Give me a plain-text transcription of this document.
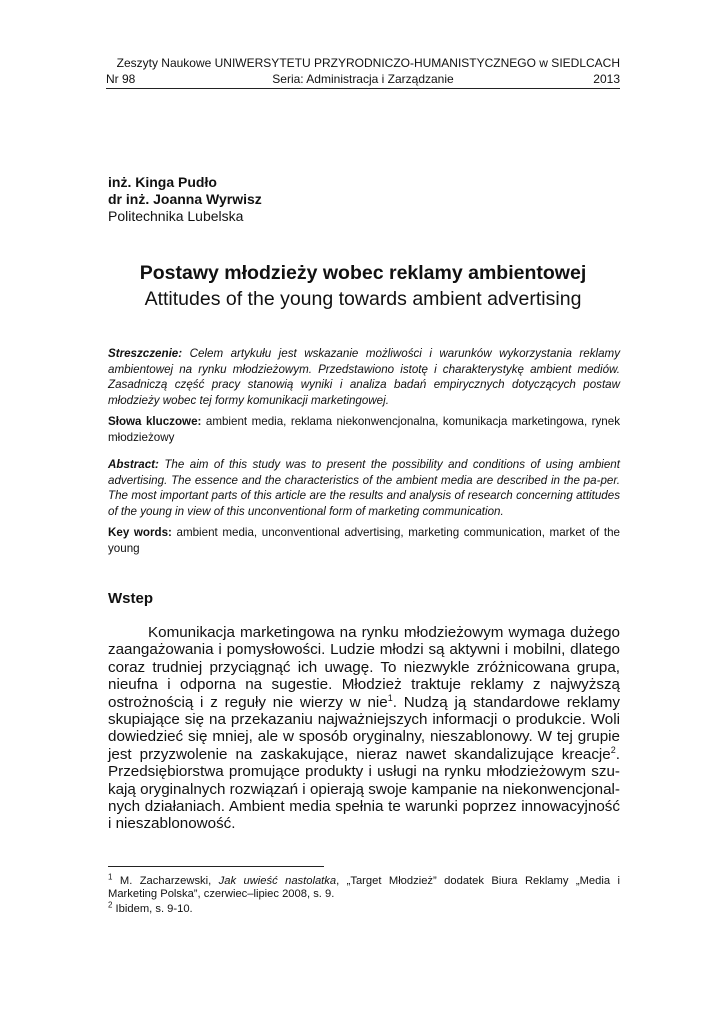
Zeszyty Naukowe UNIWERSYTETU PRZYRODNICZO-HUMANISTYCZNEGO w SIEDLCACH
Nr 98	Seria: Administracja i Zarządzanie	2013
inż. Kinga Pudło
dr inż. Joanna Wyrwisz
Politechnika Lubelska
Postawy młodzieży wobec reklamy ambientowej
Attitudes of the young towards ambient advertising
Streszczenie: Celem artykułu jest wskazanie możliwości i warunków wykorzystania reklamy ambientowej na rynku młodzieżowym. Przedstawiono istotę i charakterystykę ambient mediów. Zasadniczą część pracy stanowią wyniki i analiza badań empirycznych dotyczących postaw młodzieży wobec tej formy komunikacji marketingowej.
Słowa kluczowe: ambient media, reklama niekonwencjonalna, komunikacja marketingowa, rynek młodzieżowy
Abstract: The aim of this study was to present the possibility and conditions of using ambient advertising. The essence and the characteristics of the ambient media are described in the pa-per. The most important parts of this article are the results and analysis of research concerning attitudes of the young in view of this unconventional form of marketing communication.
Key words: ambient media, unconventional advertising, marketing communication, market of the young
Wstep
Komunikacja marketingowa na rynku młodzieżowym wymaga dużego zaangażowania i pomysłowości. Ludzie młodzi są aktywni i mobilni, dlatego coraz trudniej przyciągnąć ich uwagę. To niezwykle zróżnicowana grupa, nieufna i odporna na sugestie. Młodzież traktuje reklamy z najwyższą ostrożnością i z reguły nie wierzy w nie$^1$. Nudzą ją standardowe reklamy skupiające się na przekazaniu najważniejszych informacji o produkcie. Woli dowiedzieć się mniej, ale w sposób oryginalny, nieszablonowy. W tej grupie jest przyzwolenie na zaskakujące, nieraz nawet skandalizujące kreacje$^2$. Przedsiębiorstwa promujące produkty i usługi na rynku młodzieżowym szu-kają oryginalnych rozwiązań i opierają swoje kampanie na niekonwencjonal-nych działaniach. Ambient media spełnia te warunki poprzez innowacyjność i nieszablonowość.
$^1$ M. Zacharzewski, Jak uwieść nastolatka, „Target Młodzież” dodatek Biura Reklamy „Media i Marketing Polska”, czerwiec–lipiec 2008, s. 9.
$^2$ Ibidem, s. 9-10.
